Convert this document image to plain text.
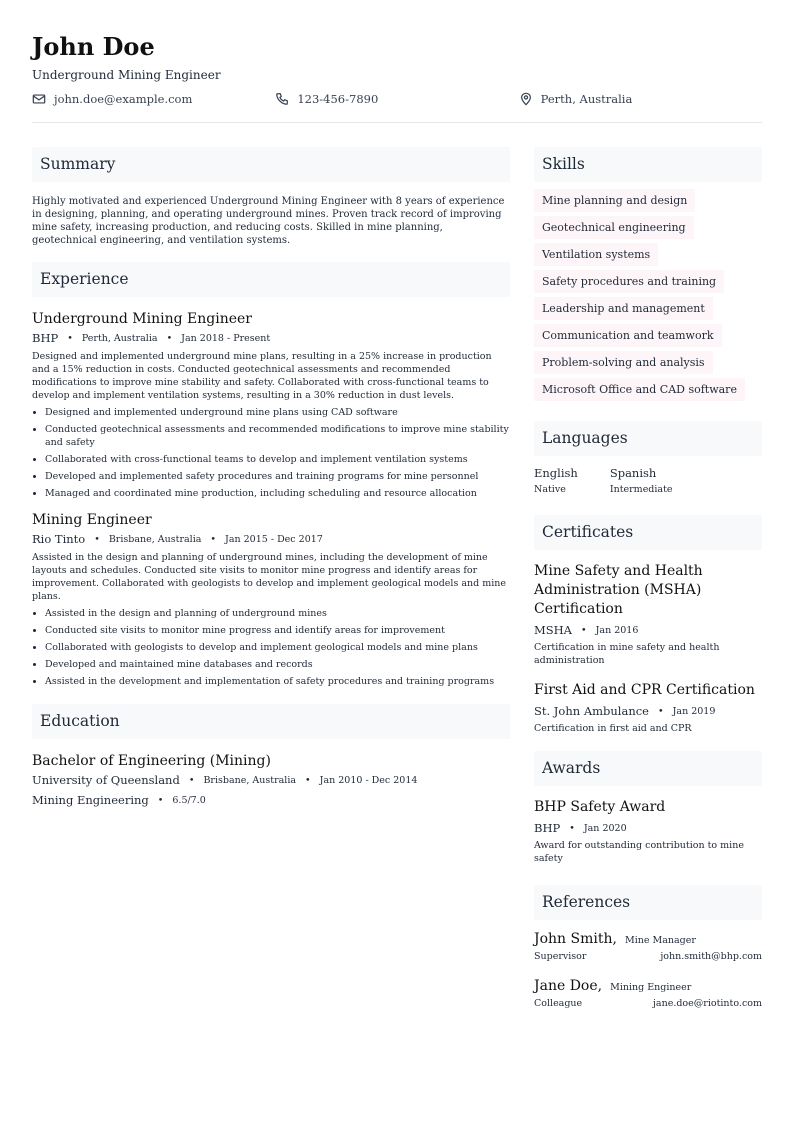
John Doe
Underground Mining Engineer
john.doe@example.com	123-456-7890	Perth, Australia
Summary
Highly motivated and experienced Underground Mining Engineer with 8 years of experience in designing, planning, and operating underground mines. Proven track record of improving mine safety, increasing production, and reducing costs. Skilled in mine planning, geotechnical engineering, and ventilation systems.
Experience
Underground Mining Engineer
BHP • Perth, Australia • Jan 2018 - Present
Designed and implemented underground mine plans, resulting in a 25% increase in production and a 15% reduction in costs. Conducted geotechnical assessments and recommended modifications to improve mine stability and safety. Collaborated with cross-functional teams to develop and implement ventilation systems, resulting in a 30% reduction in dust levels.
• Designed and implemented underground mine plans using CAD software
• Conducted geotechnical assessments and recommended modifications to improve mine stability and safety
• Collaborated with cross-functional teams to develop and implement ventilation systems
• Developed and implemented safety procedures and training programs for mine personnel
• Managed and coordinated mine production, including scheduling and resource allocation
Mining Engineer
Rio Tinto • Brisbane, Australia • Jan 2015 - Dec 2017
Assisted in the design and planning of underground mines, including the development of mine layouts and schedules. Conducted site visits to monitor mine progress and identify areas for improvement. Collaborated with geologists to develop and implement geological models and mine plans.
• Assisted in the design and planning of underground mines
• Conducted site visits to monitor mine progress and identify areas for improvement
• Collaborated with geologists to develop and implement geological models and mine plans
• Developed and maintained mine databases and records
• Assisted in the development and implementation of safety procedures and training programs
Education
Bachelor of Engineering (Mining)
University of Queensland • Brisbane, Australia • Jan 2010 - Dec 2014
Mining Engineering • 6.5/7.0
Skills
Mine planning and design
Geotechnical engineering
Ventilation systems
Safety procedures and training
Leadership and management
Communication and teamwork
Problem-solving and analysis
Microsoft Office and CAD software
Languages
English
Native
Spanish
Intermediate
Certificates
Mine Safety and Health Administration (MSHA) Certification
MSHA • Jan 2016
Certification in mine safety and health administration
First Aid and CPR Certification
St. John Ambulance • Jan 2019
Certification in first aid and CPR
Awards
BHP Safety Award
BHP • Jan 2020
Award for outstanding contribution to mine safety
References
John Smith, Mine Manager
Supervisor	john.smith@bhp.com
Jane Doe, Mining Engineer
Colleague	jane.doe@riotinto.com
